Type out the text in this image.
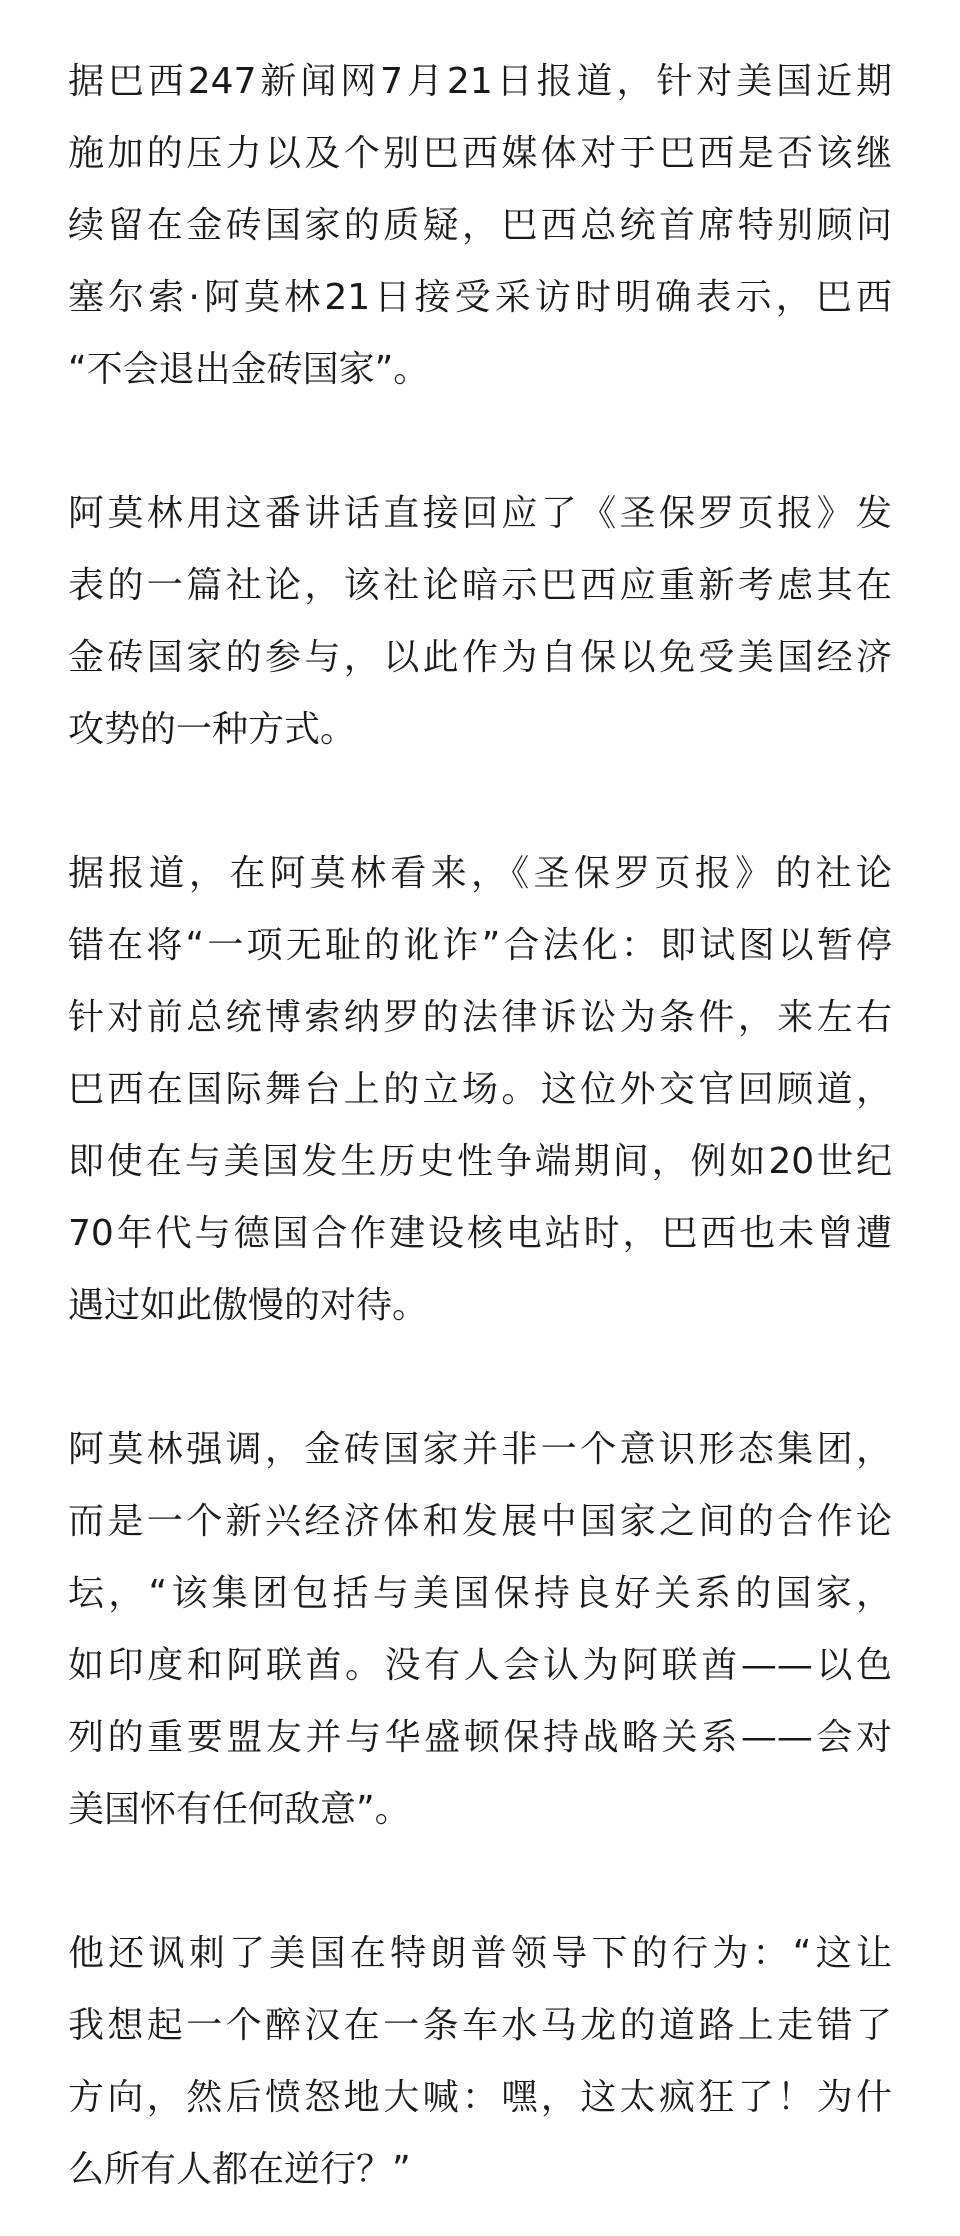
据巴西247新闻网7月21日报道，针对美国近期
施加的压力以及个别巴西媒体对于巴西是否该继
续留在金砖国家的质疑，巴西总统首席特别顾问
塞尔索·阿莫林21日接受采访时明确表示，巴西
“不会退出金砖国家”。

阿莫林用这番讲话直接回应了《圣保罗页报》发
表的一篇社论，该社论暗示巴西应重新考虑其在
金砖国家的参与，以此作为自保以免受美国经济
攻势的一种方式。

据报道，在阿莫林看来，《圣保罗页报》的社论
错在将“一项无耻的讹诈”合法化：即试图以暂停
针对前总统博索纳罗的法律诉讼为条件，来左右
巴西在国际舞台上的立场。这位外交官回顾道，
即使在与美国发生历史性争端期间，例如20世纪
70年代与德国合作建设核电站时，巴西也未曾遭
遇过如此傲慢的对待。

阿莫林强调，金砖国家并非一个意识形态集团，
而是一个新兴经济体和发展中国家之间的合作论
坛，“该集团包括与美国保持良好关系的国家，
如印度和阿联酋。没有人会认为阿联酋——以色
列的重要盟友并与华盛顿保持战略关系——会对
美国怀有任何敌意”。

他还讽刺了美国在特朗普领导下的行为：“这让
我想起一个醉汉在一条车水马龙的道路上走错了
方向，然后愤怒地大喊：嘿，这太疯狂了！为什
么所有人都在逆行？”
